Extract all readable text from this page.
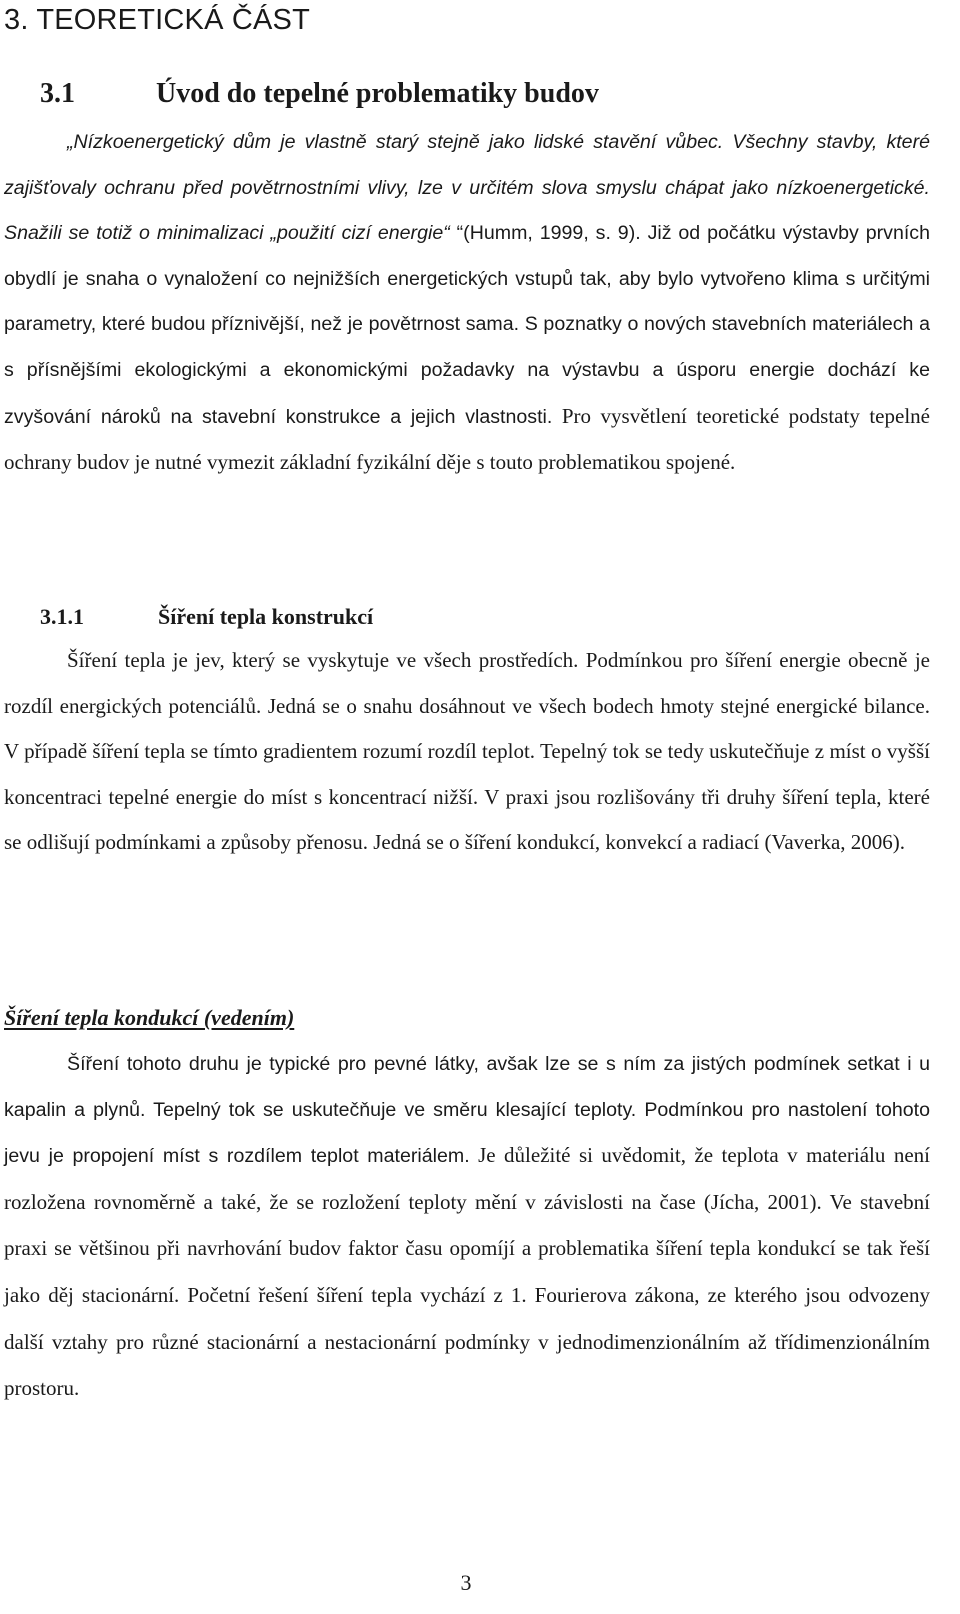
3. TEORETICKÁ ČÁST
3.1	Úvod do tepelné problematiky budov

„Nízkoenergetický dům je vlastně starý stejně jako lidské stavění vůbec. Všechny stavby, které zajišťovaly ochranu před povětrnostními vlivy, lze v určitém slova smyslu chápat jako nízkoenergetické. Snažili se totiž o minimalizaci „použití cizí energie“ “(Humm, 1999, s. 9). Již od počátku výstavby prvních obydlí je snaha o vynaložení co nejnižších energetických vstupů tak, aby bylo vytvořeno klima s určitými parametry, které budou příznivější, než je povětrnost sama. S poznatky o nových stavebních materiálech a s přísnějšími ekologickými a ekonomickými požadavky na výstavbu a úsporu energie dochází ke zvyšování nároků na stavební konstrukce a jejich vlastnosti. Pro vysvětlení teoretické podstaty tepelné ochrany budov je nutné vymezit základní fyzikální děje s touto problematikou spojené.

3.1.1	Šíření tepla konstrukcí

Šíření tepla je jev, který se vyskytuje ve všech prostředích. Podmínkou pro šíření energie obecně je rozdíl energických potenciálů. Jedná se o snahu dosáhnout ve všech bodech hmoty stejné energické bilance. V případě šíření tepla se tímto gradientem rozumí rozdíl teplot. Tepelný tok se tedy uskutečňuje z míst o vyšší koncentraci tepelné energie do míst s koncentrací nižší. V praxi jsou rozlišovány tři druhy šíření tepla, které se odlišují podmínkami a způsoby přenosu. Jedná se o šíření kondukcí, konvekcí a radiací (Vaverka, 2006).

Šíření tepla kondukcí (vedením)

Šíření tohoto druhu je typické pro pevné látky, avšak lze se s ním za jistých podmínek setkat i u kapalin a plynů. Tepelný tok se uskutečňuje ve směru klesající teploty. Podmínkou pro nastolení tohoto jevu je propojení míst s rozdílem teplot materiálem. Je důležité si uvědomit, že teplota v materiálu není rozložena rovnoměrně a také, že se rozložení teploty mění v závislosti na čase (Jícha, 2001). Ve stavební praxi se většinou při navrhování budov faktor času opomíjí a problematika šíření tepla kondukcí se tak řeší jako děj stacionární. Početní řešení šíření tepla vychází z 1. Fourierova zákona, ze kterého jsou odvozeny další vztahy pro různé stacionární a nestacionární podmínky v jednodimenzionálním až třídimenzionálním prostoru.

3
